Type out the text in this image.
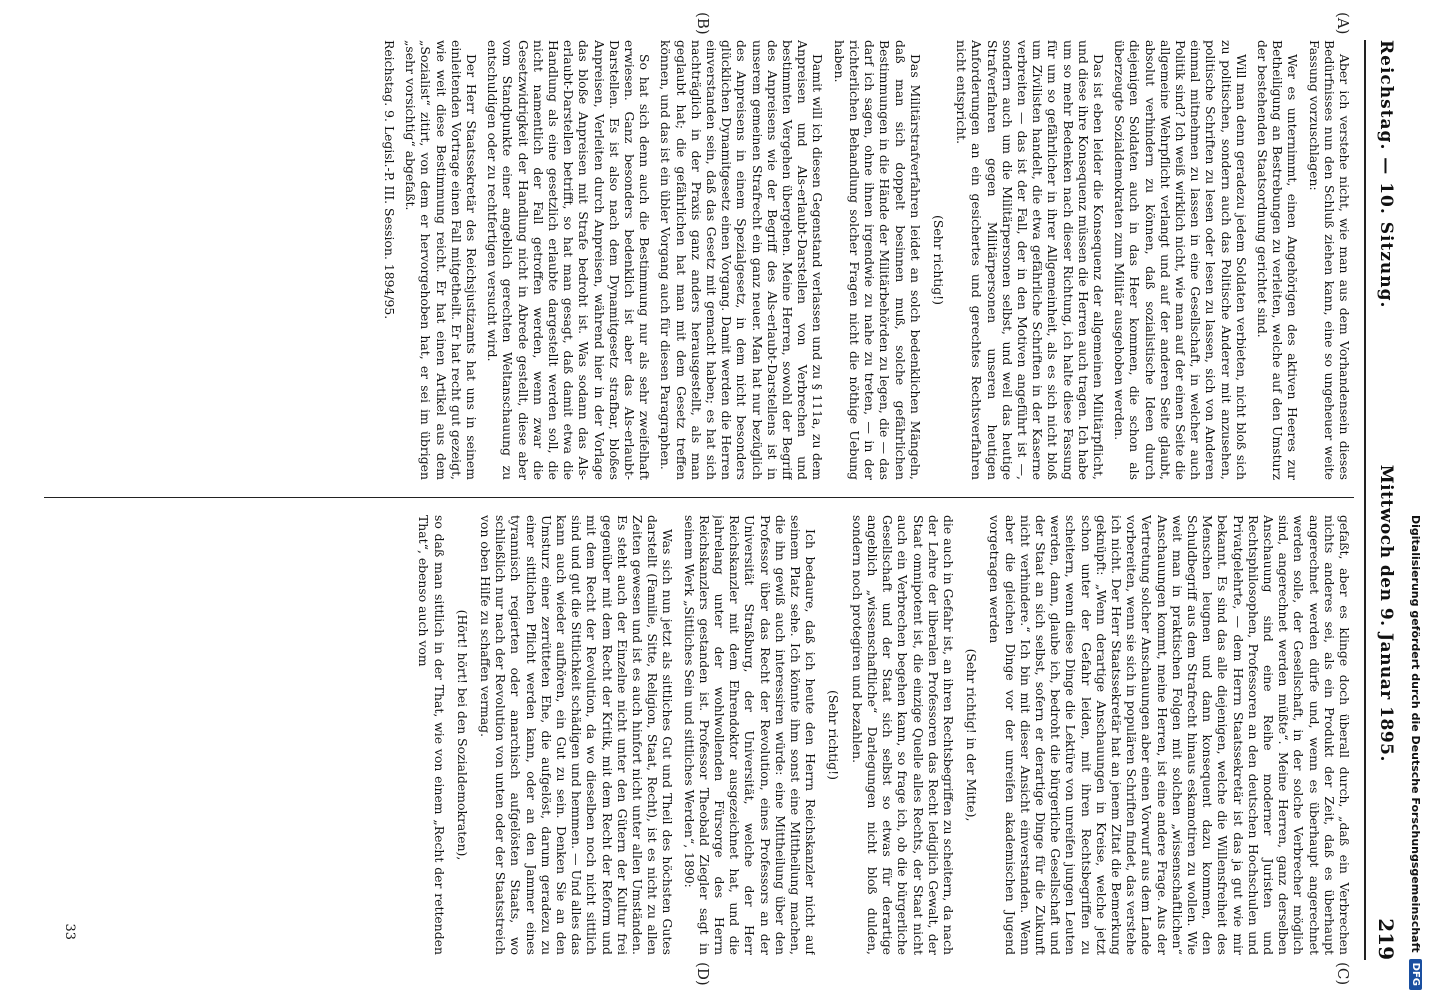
Reichstag. — 10. Sitzung.
Mittwoch den 9. Januar 1895.
219
(A)
(B)
(C)
(D)

Aber ich verstehe nicht, wie man aus dem Vorhandensein dieses Bedürfnisses nun den Schluß ziehen kann, eine so ungeheuer weite Fassung vorzuschlagen:

Wer es unternimmt, einen Angehörigen des aktiven Heeres zur Betheiligung an Bestrebungen zu verleiten, welche auf den Umsturz der bestehenden Staatsordnung gerichtet sind.

Will man denn geradezu jedem Soldaten verbieten, nicht bloß sich zu politischen, sondern auch das Politische Anderer mit anzusehen, politische Schriften zu lesen oder lesen zu lassen, sich von Anderen einmal mitnehmen zu lassen in eine Gesellschaft, in welcher auch Politik sind? Ich weiß wirklich nicht, wie man auf der einen Seite die allgemeine Wehrpflicht verlangt und auf der anderen Seite glaubt, absolut verhindern zu können, daß sozialistische Ideen durch diejenigen Soldaten auch in das Heer kommen, die schon als überzeugte Sozialdemokraten zum Militär ausgehoben werden.

Das ist eben leider die Konsequenz der allgemeinen Militärpflicht, und diese ihre Konsequenz müssen die Herren auch tragen. Ich habe um so mehr Bedenken nach dieser Richtung, ich halte diese Fassung für um so gefährlicher in ihrer Allgemeinheit, als es sich nicht bloß um Zivilisten handelt, die etwa gefährliche Schriften in der Kaserne verbreiten — das ist der Fall, der in den Motiven angeführt ist —, sondern auch um die Militärpersonen selbst, und weil das heutige Strafverfahren gegen Militärpersonen unseren heutigen Anforderungen an ein gesichertes und gerechtes Rechtsverfahren nicht entspricht.

(Sehr richtig!)

Das Militärstrafverfahren leidet an solch bedenklichen Mängeln, daß man sich doppelt besinnen muß, solche gefährlichen Bestimmungen in die Hände der Militärbehörden zu legen, die — das darf ich sagen, ohne ihnen irgendwie zu nahe zu treten, — in der richterlichen Behandlung solcher Fragen nicht die nöthige Uebung haben.

Damit will ich diesen Gegenstand verlassen und zu § 111a, zu dem Anpreisen und Als-erlaubt-Darstellen von Verbrechen und bestimmten Vergehen übergehen. Meine Herren, sowohl der Begriff des Anpreisens wie der Begriff des Als-erlaubt-Darstellens ist in unserem gemeinen Strafrecht ein ganz neuer. Man hat nur bezüglich des Anpreisens in einem Spezialgesetz, in dem nicht besonders glücklichen Dynamitgesetz einen Vorgang. Damit werden die Herren einverstanden sein, daß das Gesetz mit gemacht haben; es hat sich nachträglich in der Praxis ganz anders herausgestellt, als man geglaubt hat; die gefährlichen hat man mit dem Gesetz treffen können, und das ist ein übler Vorgang auch für diesen Paragraphen.

So hat sich denn auch die Bestimmung nur als sehr zweifelhaft erwiesen. Ganz besonders bedenklich ist aber das Als-erlaubt-Darstellen. Es ist also nach dem Dynamitgesetz strafbar, bloßes Anpreisen, Verleiten durch Anpreisen, während hier in der Vorlage das bloße Anpreisen mit Strafe bedroht ist. Was sodann das Als-erlaubt-Darstellen betrifft, so hat man gesagt, daß damit etwa die Handlung als eine gesetzlich erlaubte dargestellt werden soll, die nicht namentlich der Fall getroffen werden, wenn zwar die Gesetzwidrigkeit der Handlung nicht in Abrede gestellt, diese aber vom Standpunkte einer angeblich gerechten Weltanschauung zu entschuldigen oder zu rechtfertigen versucht wird.

Der Herr Staatssekretär des Reichsjustizamts hat uns in seinem einleitenden Vortrage einen Fall mitgetheilt. Er hat recht gut gezeigt, wie weit diese Bestimmung reicht. Er hat einen Artikel aus dem „Sozialist“ zitirt, von dem er hervorgehoben hat, er sei im übrigen „sehr vorsichtig“ abgefaßt.

Reichstag. 9. Legisl.-P. III. Session. 1894/95.

gefaßt, aber es klinge doch überall durch, „daß ein Verbrechen nichts anderes sei, als ein Produkt der Zeit, daß es überhaupt angerechnet werden dürfe und, wenn es überhaupt angerechnet werden solle, der Gesellschaft, in der solche Verbrecher möglich sind, angerechnet werden müßte“. Meine Herren, ganz derselben Anschauung sind eine Reihe moderner Juristen und Rechtsphilosophen, Professoren an den deutschen Hochschulen und Privatgelehrte, — dem Herrn Staatssekretär ist das ja gut wie mir bekannt. Es sind das alle diejenigen, welche die Willensfreiheit des Menschen leugnen und dann konsequent dazu kommen, den Schuldbegriff aus dem Strafrecht hinaus eskamotiren zu wollen. Wie weit man in praktischen Folgen mit solchen „wissenschaftlichen“ Anschauungen kommt, meine Herren, ist eine andere Frage. Aus der Vertretung solcher Anschauungen aber einen Vorwurf aus dem Lande vorbereiten, wenn sie sich in populären Schriften findet, das verstehe ich nicht. Der Herr Staatssekretär hat an jenem Zitat die Bemerkung geknüpft: „Wenn derartige Anschauungen in Kreise, welche jetzt schon unter der Gefahr leiden, mit ihren Rechtsbegriffen zu scheitern, wenn diese Dinge die Lektüre von unreifen jungen Leuten werden, dann, glaube ich, bedroht die bürgerliche Gesellschaft und der Staat an sich selbst, sofern er derartige Dinge für die Zukunft nicht verhindere.“ Ich bin mit dieser Ansicht einverstanden. Wenn aber die gleichen Dinge vor der unreifen akademischen Jugend vorgetragen werden

(Sehr richtig! in der Mitte),

die auch in Gefahr ist, an ihren Rechtsbegriffen zu scheitern, da nach der Lehre der liberalen Professoren das Recht lediglich Gewalt, der Staat omnipotent ist, die einzige Quelle alles Rechts, der Staat nicht auch ein Verbrechen begehen kann, so frage ich, ob die bürgerliche Gesellschaft und der Staat sich selbst so etwas für derartige angeblich „wissenschaftliche“ Darlegungen nicht bloß dulden, sondern noch protegiren und bezahlen.

(Sehr richtig!)

Ich bedaure, daß ich heute den Herrn Reichskanzler nicht auf seinem Platz sehe. Ich könnte ihm sonst eine Mittheilung machen, die ihn gewiß auch interessiren würde: eine Mittheilung über den Professor über das Recht der Revolution, eines Professors an der Universität Straßburg, der Universität, welche der Herr Reichskanzler mit dem Ehrendoktor ausgezeichnet hat, und die jahrelang unter der wohlwollenden Fürsorge des Herrn Reichskanzlers gestanden ist. Professor Theobald Ziegler sagt in seinem Werk „Sittliches Sein und sittliches Werden“, 1890:

Was sich nun jetzt als sittliches Gut und Theil des höchsten Gutes darstellt (Familie, Sitte, Religion, Staat, Recht), ist es nicht zu allen Zeiten gewesen und ist es auch hinfort nicht unter allen Umständen. Es steht auch der Einzelne nicht unter den Gütern der Kultur frei gegenüber mit dem Recht der Kritik, mit dem Recht der Reform und mit dem Recht der Revolution, da wo dieselben noch nicht sittlich sind und gut die Sittlichkeit schädigen und hemmen. — Und alles das kann auch wieder aufhören, ein Gut zu sein. Denken Sie an den Umsturz einer zerrütteten Ehe, die aufgelöst, darum geradezu zu einer sittlichen Pflicht werden kann, oder an den Jammer eines tyrannisch regierten oder anarchisch aufgelösten Staats, wo schließlich nur nach der Revolution von unten oder der Staatsstreich von oben Hilfe zu schaffen vermag.

(Hört! hört! bei den Sozialdemokraten),

so daß man sittlich in der That, wie von einem „Recht der rettenden That“, ebenso auch vom

33	Digitalisierung gefördert durch die Deutsche Forschungsgemeinschaft
DFG
